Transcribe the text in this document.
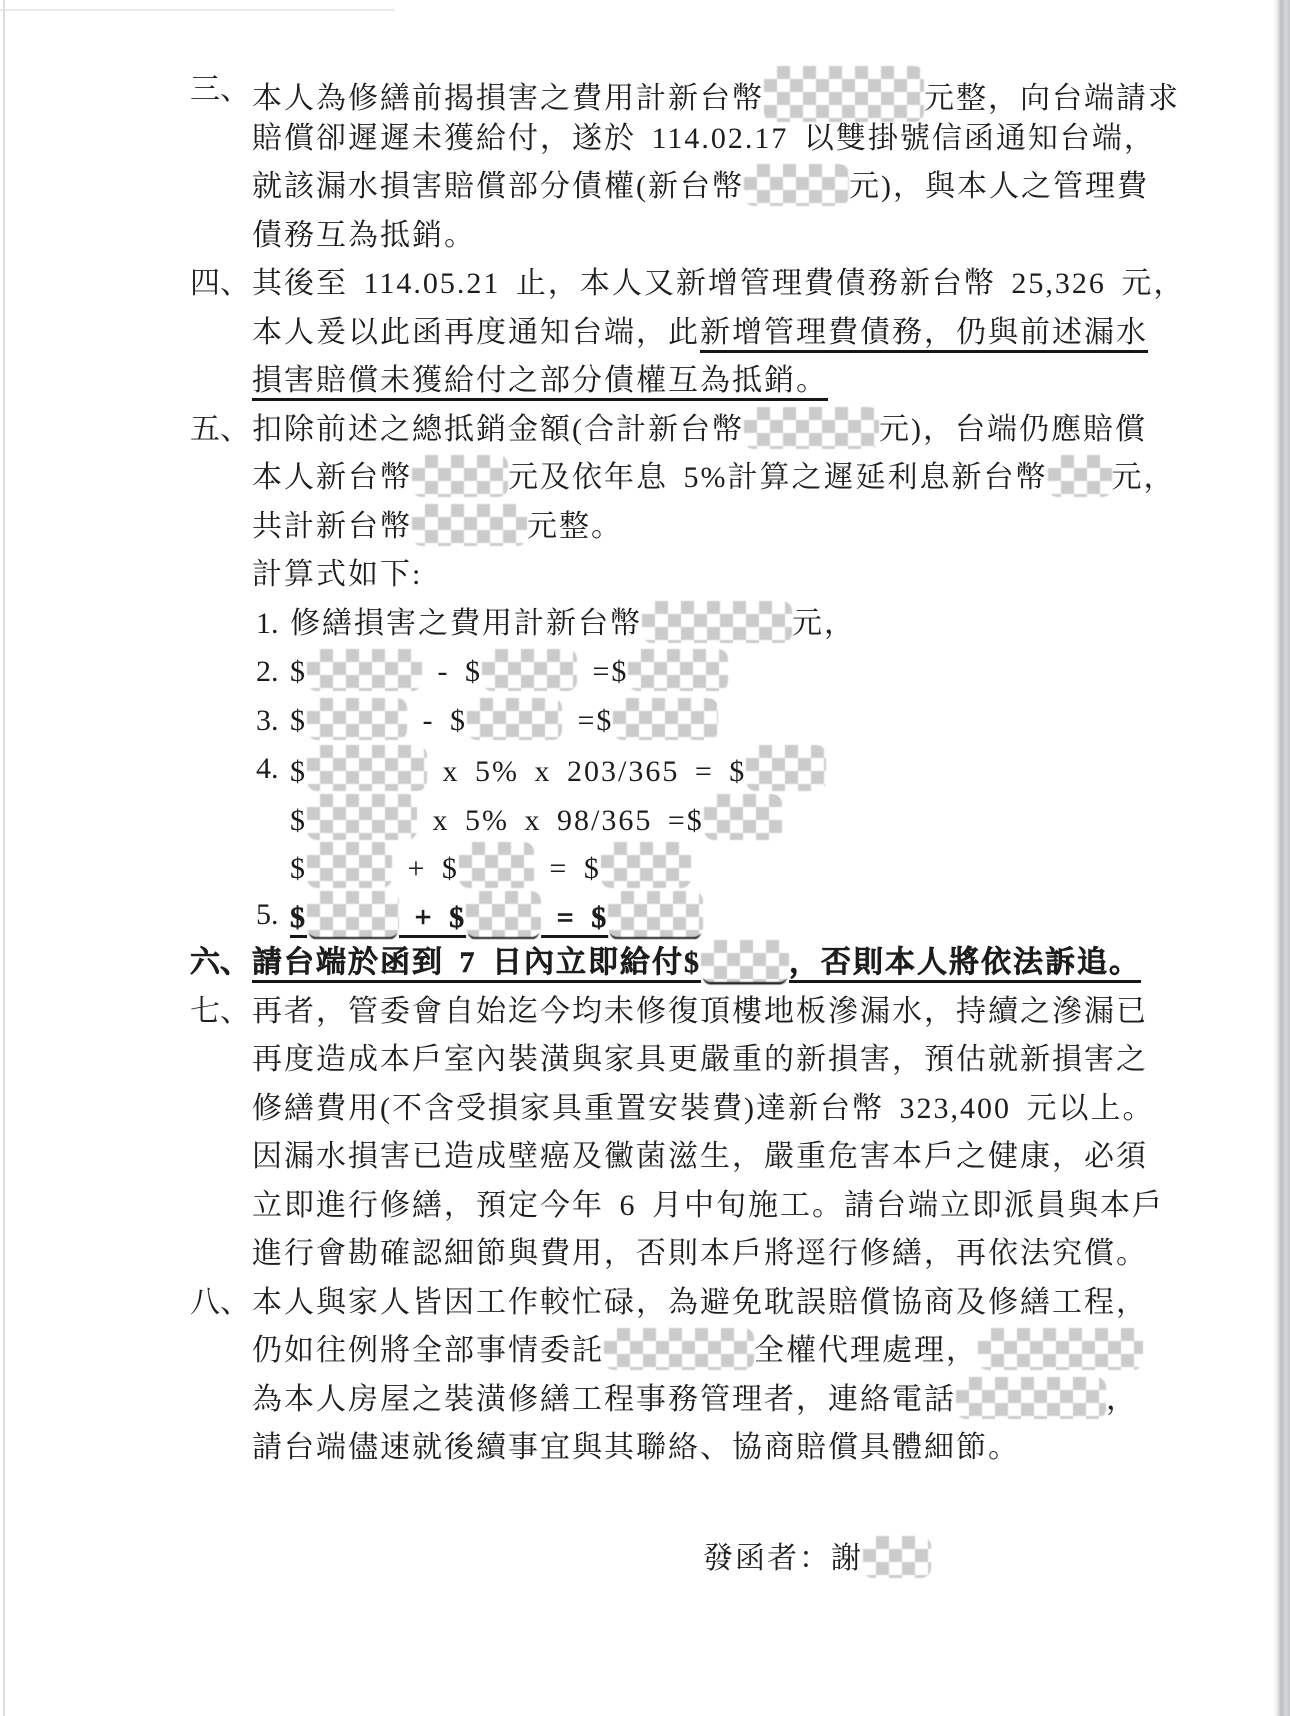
三、 本人為修繕前揭損害之費用計新台幣	元整，向台端請求
賠償卻遲遲未獲給付，遂於 114.02.17 以雙掛號信函通知台端，
就該漏水損害賠償部分債權(新台幣	元)，與本人之管理費
債務互為抵銷。
四、 其後至 114.05.21 止，本人又新增管理費債務新台幣 25,326 元，
本人爰以此函再度通知台端，此新增管理費債務，仍與前述漏水
損害賠償未獲給付之部分債權互為抵銷。
五、 扣除前述之總抵銷金額(合計新台幣	元)，台端仍應賠償
本人新台幣	元及依年息 5%計算之遲延利息新台幣 元，
共計新台幣	元整。
計算式如下:
1. 修繕損害之費用計新台幣	元，
2. $	- $	=$
3. $	- $	=$
4. $	x 5% x 203/365 = $
$	x 5% x 98/365 =$
$	+ $	= $
5. $	+ $	= $
六、 請台端於函到 7 日內立即給付$	，否則本人將依法訴追。
七、 再者，管委會自始迄今均未修復頂樓地板滲漏水，持續之滲漏已
再度造成本戶室內裝潢與家具更嚴重的新損害，預估就新損害之
修繕費用(不含受損家具重置安裝費)達新台幣 323,400 元以上。
因漏水損害已造成壁癌及黴菌滋生，嚴重危害本戶之健康，必須
立即進行修繕，預定今年 6 月中旬施工。請台端立即派員與本戶
進行會勘確認細節與費用，否則本戶將逕行修繕，再依法究償。
八、 本人與家人皆因工作較忙碌，為避免耽誤賠償協商及修繕工程，
仍如往例將全部事情委託	全權代理處理，
為本人房屋之裝潢修繕工程事務管理者，連絡電話	，
請台端儘速就後續事宜與其聯絡、協商賠償具體細節。
發函者：謝
